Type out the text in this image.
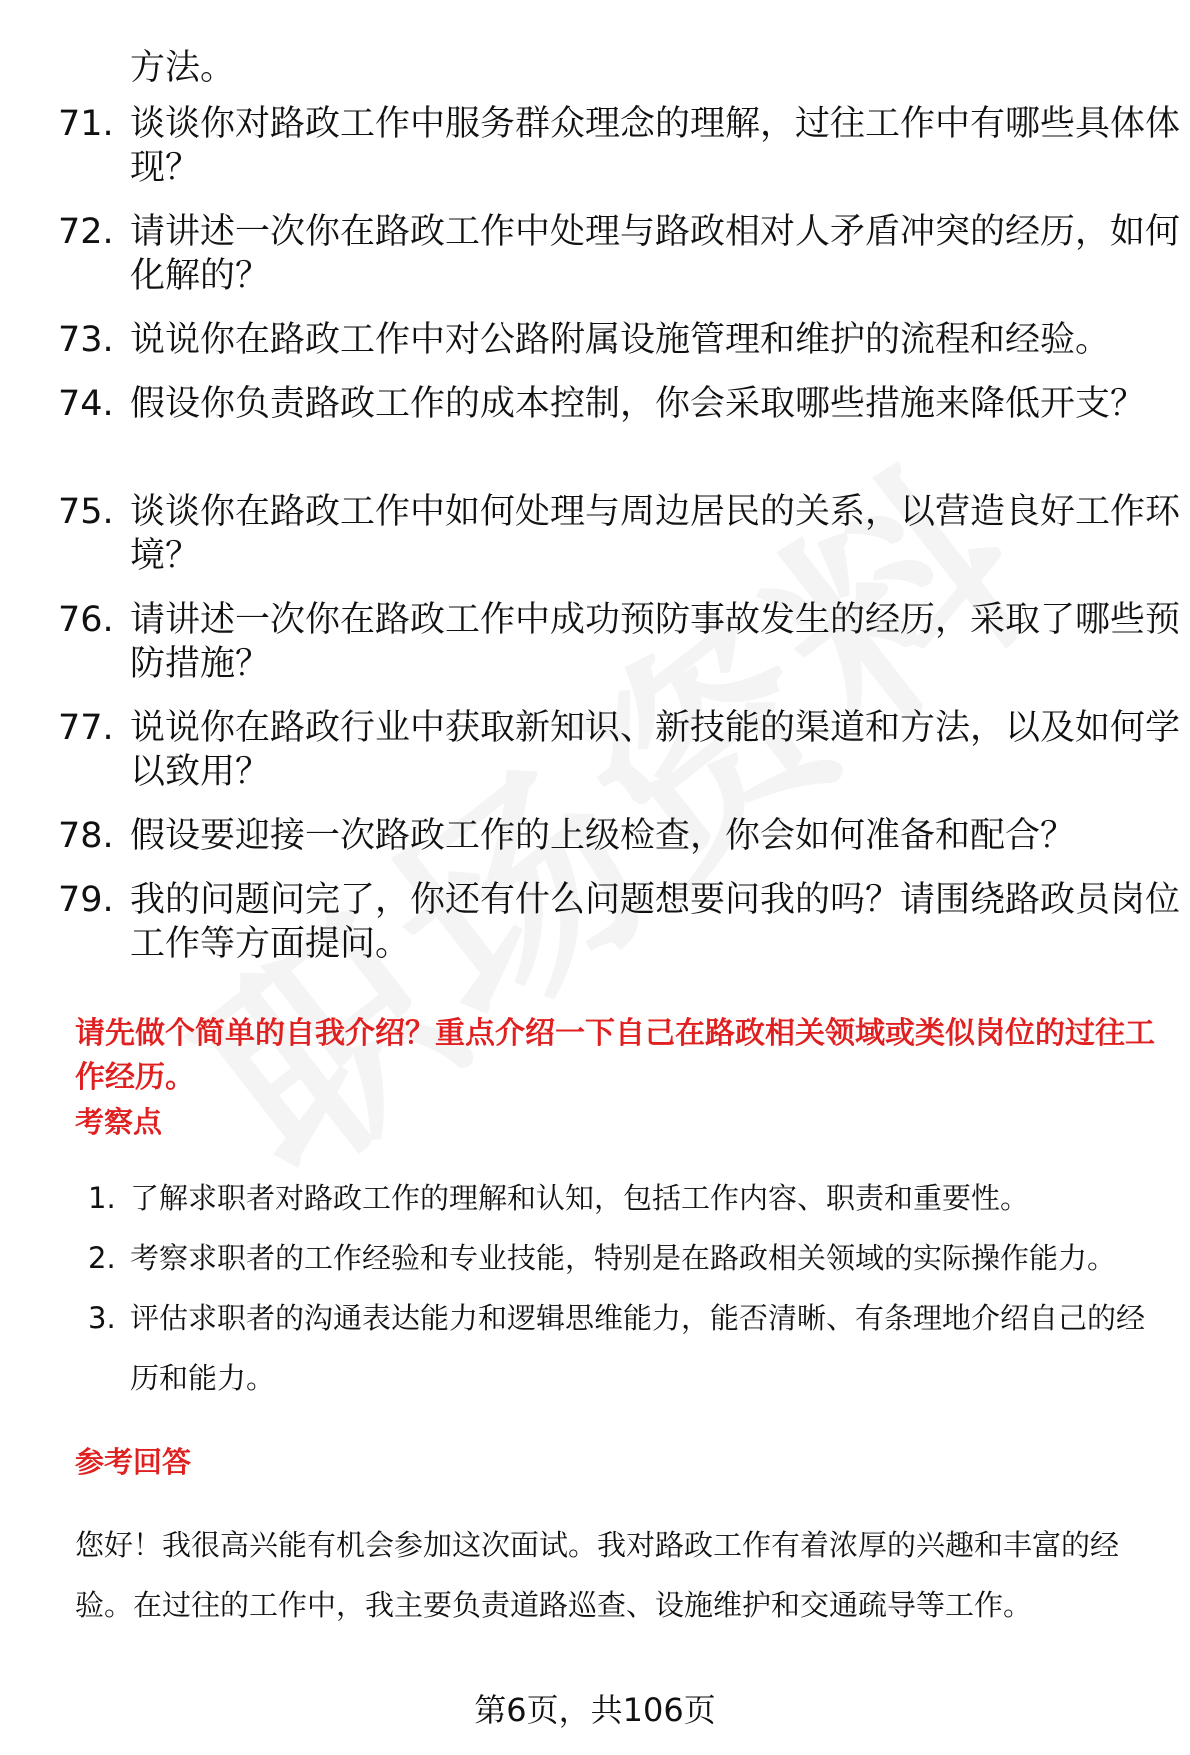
方法。
71. 谈谈你对路政工作中服务群众理念的理解，过往工作中有哪些具体体现？
72. 请讲述一次你在路政工作中处理与路政相对人矛盾冲突的经历，如何化解的？
73. 说说你在路政工作中对公路附属设施管理和维护的流程和经验。
74. 假设你负责路政工作的成本控制，你会采取哪些措施来降低开支？
75. 谈谈你在路政工作中如何处理与周边居民的关系，以营造良好工作环境？
76. 请讲述一次你在路政工作中成功预防事故发生的经历，采取了哪些预防措施？
77. 说说你在路政行业中获取新知识、新技能的渠道和方法，以及如何学以致用？
78. 假设要迎接一次路政工作的上级检查，你会如何准备和配合？
79. 我的问题问完了，你还有什么问题想要问我的吗？请围绕路政员岗位工作等方面提问。
请先做个简单的自我介绍？重点介绍一下自己在路政相关领域或类似岗位的过往工作经历。
考察点
1. 了解求职者对路政工作的理解和认知，包括工作内容、职责和重要性。
2. 考察求职者的工作经验和专业技能，特别是在路政相关领域的实际操作能力。
3. 评估求职者的沟通表达能力和逻辑思维能力，能否清晰、有条理地介绍自己的经历和能力。
参考回答
您好！我很高兴能有机会参加这次面试。我对路政工作有着浓厚的兴趣和丰富的经验。在过往的工作中，我主要负责道路巡查、设施维护和交通疏导等工作。
第6页，共106页
